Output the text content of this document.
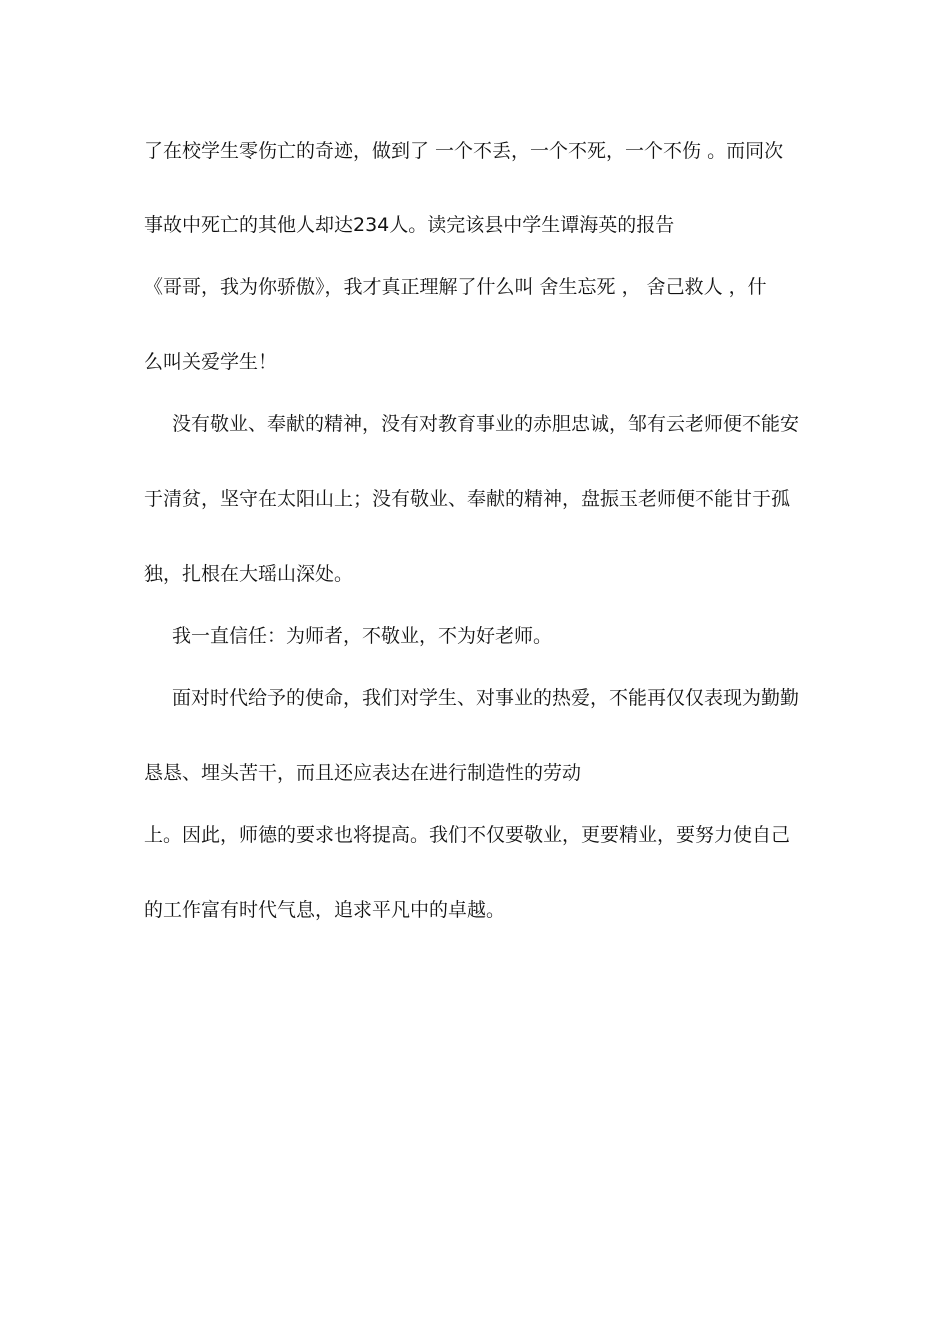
了在校学生零伤亡的奇迹，做到了 一个不丢，一个不死，一个不伤 。而同次
事故中死亡的其他人却达234人。读完该县中学生谭海英的报告
《哥哥，我为你骄傲》，我才真正理解了什么叫 舍生忘死 ， 舍己救人 ，什
么叫关爱学生！
没有敬业、奉献的精神，没有对教育事业的赤胆忠诚，邹有云老师便不能安
于清贫，坚守在太阳山上；没有敬业、奉献的精神，盘振玉老师便不能甘于孤
独，扎根在大瑶山深处。
我一直信任：为师者，不敬业，不为好老师。
面对时代给予的使命，我们对学生、对事业的热爱，不能再仅仅表现为勤勤
恳恳、埋头苦干，而且还应表达在进行制造性的劳动
上。因此，师德的要求也将提高。我们不仅要敬业，更要精业，要努力使自己
的工作富有时代气息，追求平凡中的卓越。
